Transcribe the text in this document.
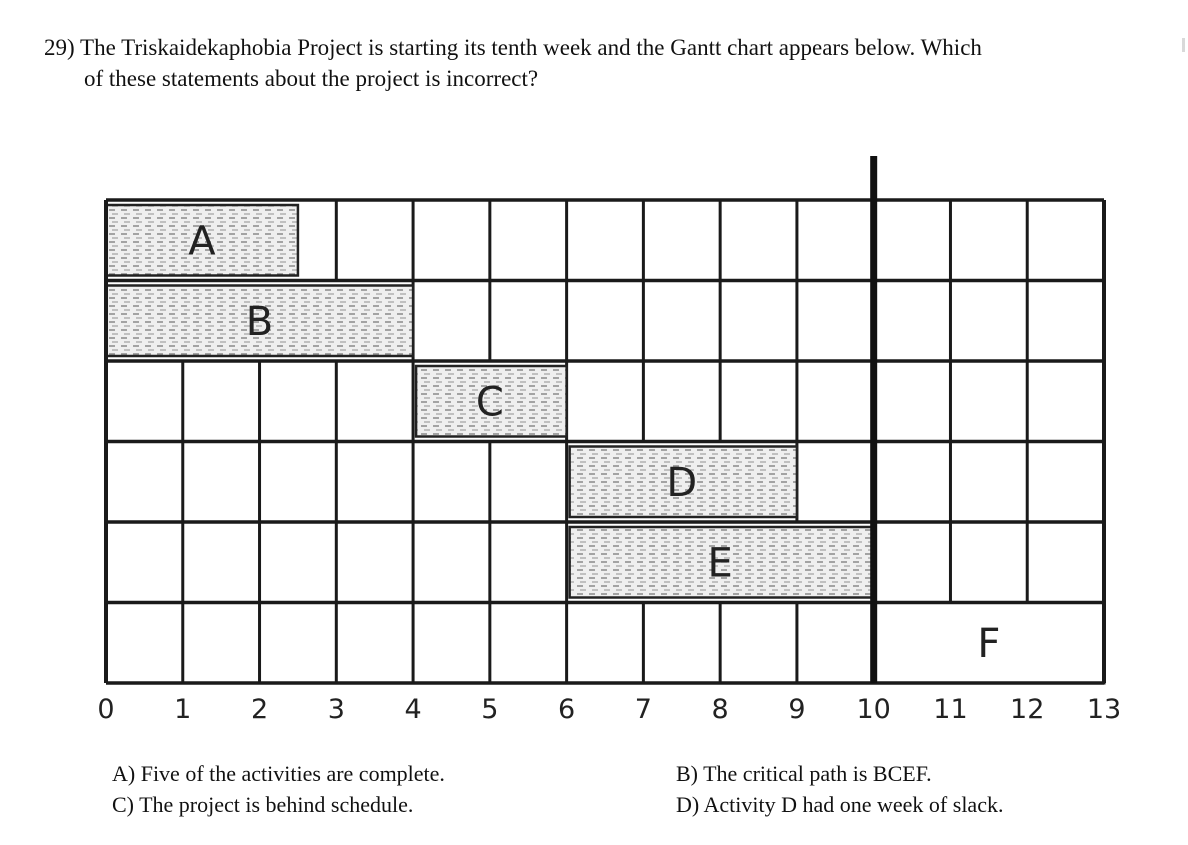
29) The Triskaidekaphobia Project is starting its tenth week and the Gantt chart appears below. Which
of these statements about the project is incorrect?
A
B
C
D
E
F
0 1 2 3 4 5 6 7 8 9 10 11 12 13
A) Five of the activities are complete.
C) The project is behind schedule.
B) The critical path is BCEF.
D) Activity D had one week of slack.
